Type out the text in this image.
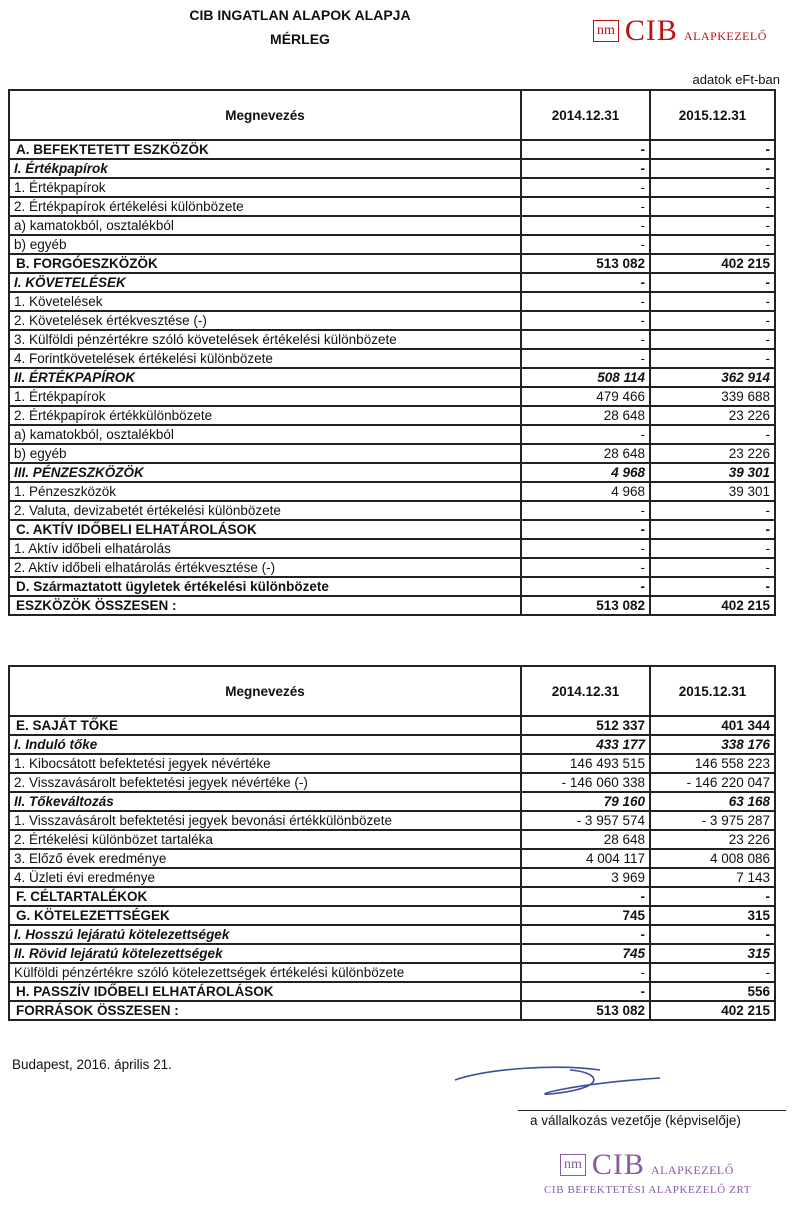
CIB INGATLAN ALAPOK ALAPJA
MÉRLEG
nm CIB ALAPKEZELŐ
adatok eFt-ban
Megnevezés	2014.12.31	2015.12.31
A. BEFEKTETETT ESZKÖZÖK	-	-
I. Értékpapírok	-	-
1. Értékpapírok	-	-
2. Értékpapírok értékelési különbözete	-	-
a) kamatokból, osztalékból	-	-
b) egyéb	-	-
B. FORGÓESZKÖZÖK	513 082	402 215
I. KÖVETELÉSEK	-	-
1. Követelések	-	-
2. Követelések értékvesztése (-)	-	-
3. Külföldi pénzértékre szóló követelések értékelési különbözete	-	-
4. Forintkövetelések értékelési különbözete	-	-
II. ÉRTÉKPAPÍROK	508 114	362 914
1. Értékpapírok	479 466	339 688
2. Értékpapírok értékkülönbözete	28 648	23 226
a) kamatokból, osztalékból	-	-
b) egyéb	28 648	23 226
III. PÉNZESZKÖZÖK	4 968	39 301
1. Pénzeszközök	4 968	39 301
2. Valuta, devizabetét értékelési különbözete	-	-
C. AKTÍV IDŐBELI ELHATÁROLÁSOK	-	-
1. Aktív időbeli elhatárolás	-	-
2. Aktív időbeli elhatárolás értékvesztése (-)	-	-
D. Származtatott ügyletek értékelési különbözete	-	-
ESZKÖZÖK ÖSSZESEN :	513 082	402 215
Megnevezés	2014.12.31	2015.12.31
E. SAJÁT TŐKE	512 337	401 344
I. Induló tőke	433 177	338 176
1. Kibocsátott befektetési jegyek névértéke	146 493 515	146 558 223
2. Visszavásárolt befektetési jegyek névértéke (-)	- 146 060 338	- 146 220 047
II. Tőkeváltozás	79 160	63 168
1. Visszavásárolt befektetési jegyek bevonási értékkülönbözete	- 3 957 574	- 3 975 287
2. Értékelési különbözet tartaléka	28 648	23 226
3. Előző évek eredménye	4 004 117	4 008 086
4. Üzleti évi eredménye	3 969	7 143
F. CÉLTARTALÉKOK	-	-
G. KÖTELEZETTSÉGEK	745	315
I. Hosszú lejáratú kötelezettségek	-	-
II. Rövid lejáratú kötelezettségek	745	315
Külföldi pénzértékre szóló kötelezettségek értékelési különbözete	-	-
H. PASSZÍV IDŐBELI ELHATÁROLÁSOK	-	556
FORRÁSOK ÖSSZESEN :	513 082	402 215
Budapest, 2016. április 21.
a vállalkozás vezetője (képviselője)
nm CIB ALAPKEZELŐ
CIB BEFEKTETÉSI ALAPKEZELŐ ZRT
